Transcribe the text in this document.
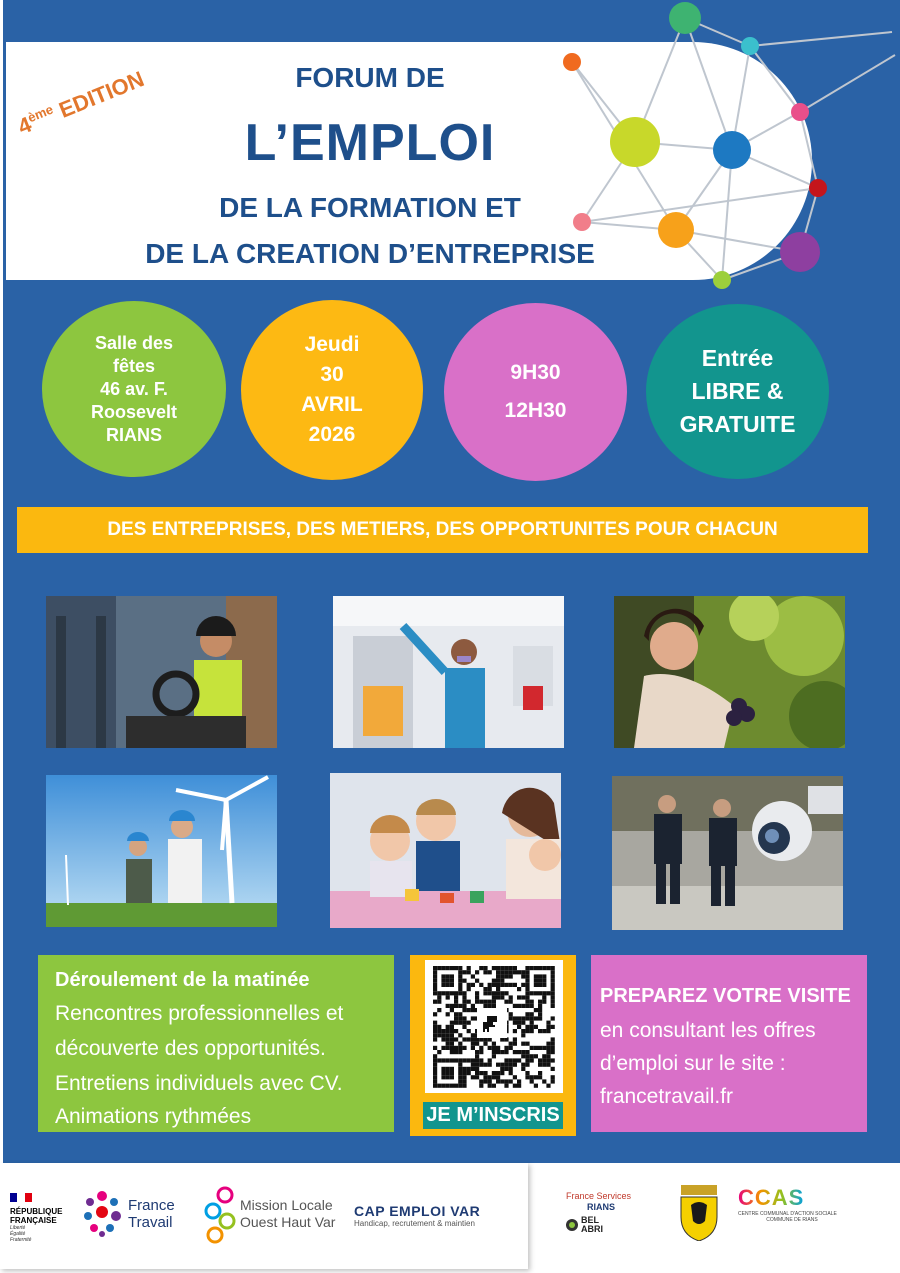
4ème EDITION	FORUM DE
L’EMPLOI
DE LA FORMATION ET
DE LA CREATION D’ENTREPRISE
Salle des
fêtes
46 av. F.
Roosevelt
RIANS
Jeudi
30
AVRIL
2026
9H30
12H30
Entrée
LIBRE &
GRATUITE
DES ENTREPRISES, DES METIERS, DES OPPORTUNITES POUR CHACUN
Déroulement de la matinée
Rencontres professionnelles et
découverte des opportunités.
Entretiens individuels avec CV.
Animations rythmées	JE M’INSCRIS
PREPAREZ VOTRE VISITE
en consultant les offres
d’emploi sur le site :
francetravail.fr
RÉPUBLIQUE
FRANÇAISE
Liberté
Égalité
Fraternité
France
Travail
Mission Locale
Ouest Haut Var
CAP EMPLOI VAR
Handicap, recrutement & maintien
France Services
RIANS
BEL
ABRI
CCAS
CENTRE COMMUNAL D'ACTION SOCIALE
COMMUNE DE RIANS
